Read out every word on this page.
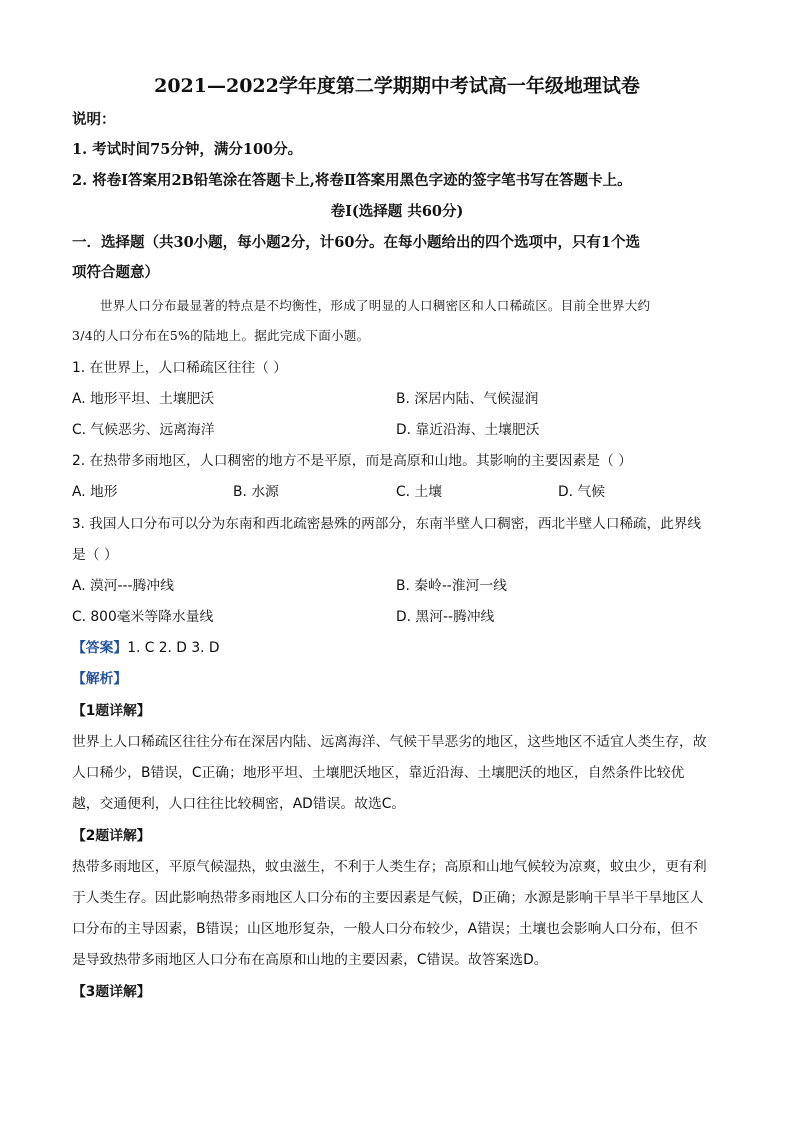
2021—2022学年度第二学期期中考试高一年级地理试卷
说明：
1. 考试时间75分钟，满分100分。
2. 将卷Ⅰ答案用2B铅笔涂在答题卡上,将卷Ⅱ答案用黑色字迹的签字笔书写在答题卡上。
卷Ⅰ(选择题 共60分)
一．选择题（共30小题，每小题2分，计60分。在每小题给出的四个选项中，只有1个选
项符合题意）
世界人口分布最显著的特点是不均衡性，形成了明显的人口稠密区和人口稀疏区。目前全世界大约
3/4的人口分布在5%的陆地上。据此完成下面小题。
1. 在世界上，人口稀疏区往往（ ）
A. 地形平坦、土壤肥沃	B. 深居内陆、气候湿润
C. 气候恶劣、远离海洋	D. 靠近沿海、土壤肥沃
2. 在热带多雨地区，人口稠密的地方不是平原，而是高原和山地。其影响的主要因素是（ ）
A. 地形	B. 水源	C. 土壤	D. 气候
3. 我国人口分布可以分为东南和西北疏密悬殊的两部分，东南半壁人口稠密，西北半壁人口稀疏，此界线
是（ ）
A. 漠河---腾冲线	B. 秦岭--淮河一线
C. 800毫米等降水量线	D. 黑河--腾冲线
【答案】1. C 2. D 3. D
【解析】
【1题详解】
世界上人口稀疏区往往分布在深居内陆、远离海洋、气候干旱恶劣的地区，这些地区不适宜人类生存，故
人口稀少，B错误，C正确；地形平坦、土壤肥沃地区，靠近沿海、土壤肥沃的地区，自然条件比较优
越，交通便利，人口往往比较稠密，AD错误。故选C。
【2题详解】
热带多雨地区，平原气候湿热，蚊虫滋生，不利于人类生存；高原和山地气候较为凉爽，蚊虫少，更有利
于人类生存。因此影响热带多雨地区人口分布的主要因素是气候，D正确；水源是影响干旱半干旱地区人
口分布的主导因素，B错误；山区地形复杂，一般人口分布较少，A错误；土壤也会影响人口分布，但不
是导致热带多雨地区人口分布在高原和山地的主要因素，C错误。故答案选D。
【3题详解】
